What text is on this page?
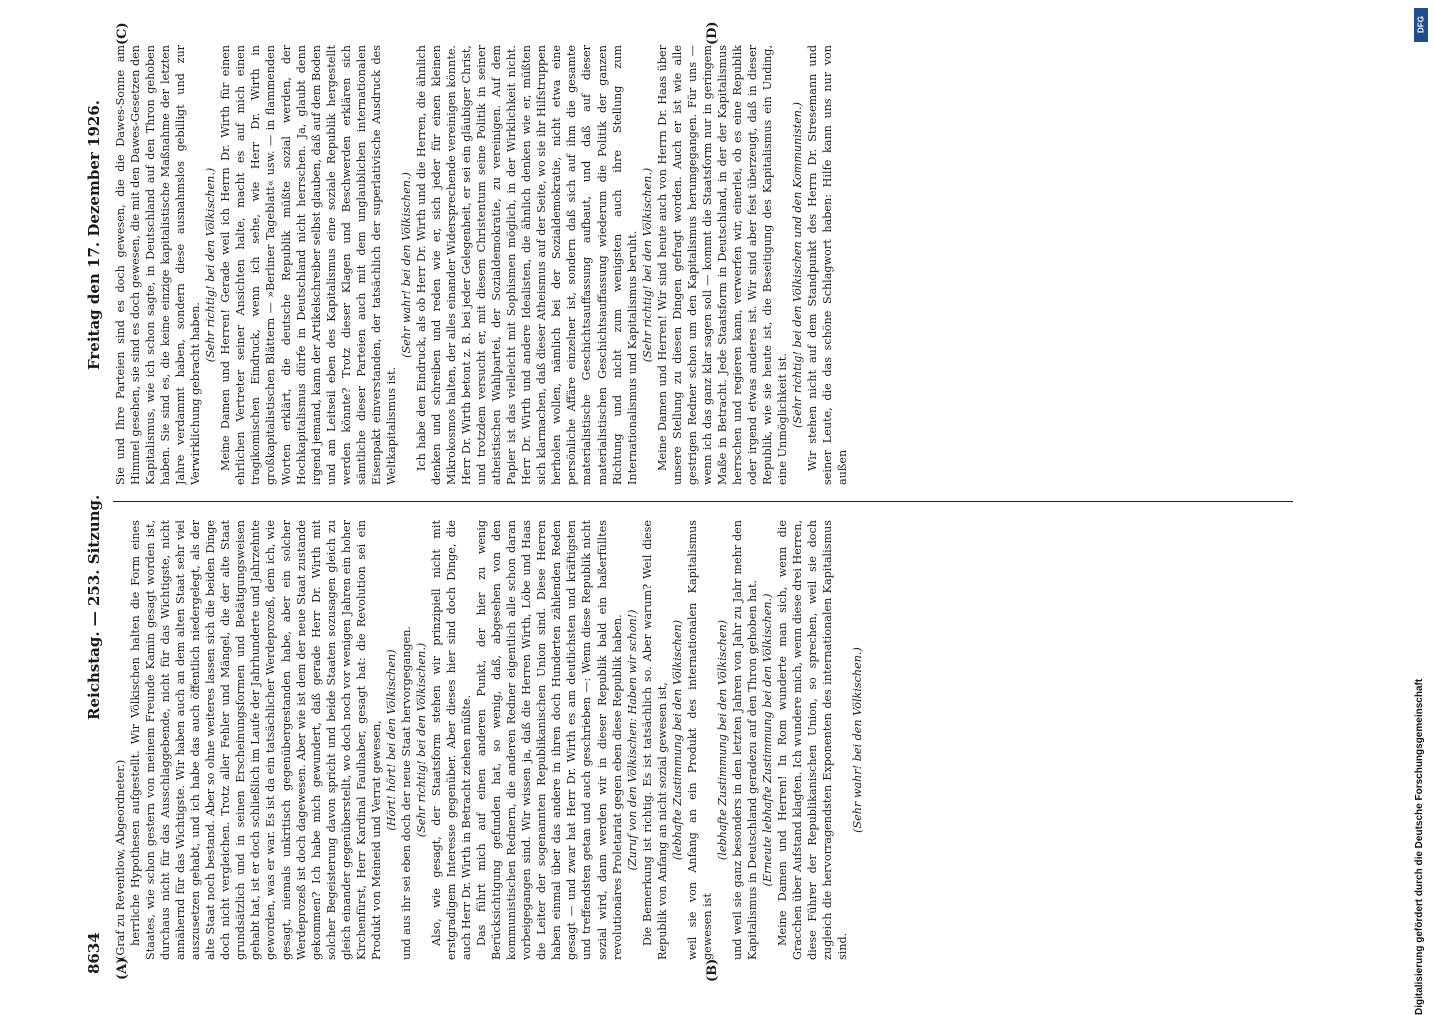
8634
Reichstag. — 253. Sitzung.
Freitag den 17. Dezember 1926.
(A)	(B)
(C)	(D)

(Graf zu Reventlow, Abgeordneter.) herrliche Hypothesen aufgestellt. Wir Völkischen halten die Form eines Staates, wie schon gestern von meinem Freunde Kamin gesagt worden ist, durchaus nicht für das Ausschlaggebende, nicht für das Wichtigste, nicht annähernd für das Wichtigste. Wir haben auch an dem alten Staat sehr viel auszusetzen gehabt, und ich habe das auch öffentlich niedergelegt, als der alte Staat noch bestand. Aber so ohne weiteres lassen sich die beiden Dinge doch nicht vergleichen. Trotz aller Fehler und Mängel, die der alte Staat grundsätzlich und in seinen Erscheinungsformen und Betätigungsweisen gehabt hat, ist er doch schließlich im Laufe der Jahrhunderte und Jahrzehnte geworden, was er war. Es ist da ein tatsächlicher Werdeprozeß, dem ich, wie gesagt, niemals unkritisch gegenübergestanden habe, aber ein solcher Werdeprozeß ist doch dagewesen. Aber wie ist dem der neue Staat zustande gekommen? Ich habe mich gewundert, daß gerade Herr Dr. Wirth mit solcher Begeisterung davon spricht und beide Staaten sozusagen gleich zu gleich einander gegenüberstellt, wo doch noch vor wenigen Jahren ein hoher Kirchenfürst, Herr Kardinal Faulhaber, gesagt hat: die Revolution sei ein Produkt von Meineid und Verrat gewesen, (Hört! hört! bei den Völkischen) und aus ihr sei eben doch der neue Staat hervorgegangen. (Sehr richtig! bei den Völkischen.) Also, wie gesagt, der Staatsform stehen wir prinzipiell nicht mit erstgradigem Interesse gegenüber. Aber dieses hier sind doch Dinge, die auch Herr Dr. Wirth in Betracht ziehen müßte. Das führt mich auf einen anderen Punkt, der hier zu wenig Berücksichtigung gefunden hat, so wenig, daß, abgesehen von den kommunistischen Rednern, die anderen Redner eigentlich alle schon daran vorbeigegangen sind. Wir wissen ja, daß die Herren Wirth, Löbe und Haas die Leiter der sogenannten Republikanischen Union sind. Diese Herren haben einmal über das andere in ihren doch Hunderten zählenden Reden gesagt — und zwar hat Herr Dr. Wirth es am deutlichsten und kräftigsten und treffendsten getan und auch geschrieben —: Wenn diese Republik nicht sozial wird, dann werden wir in dieser Republik bald ein haßerfülltes revolutionäres Proletariat gegen eben diese Republik haben. (Zuruf von den Völkischen: Haben wir schon!) Die Bemerkung ist richtig. Es ist tatsächlich so. Aber warum? Weil diese Republik von Anfang an nicht sozial gewesen ist, (lebhafte Zustimmung bei den Völkischen) weil sie von Anfang an ein Produkt des internationalen Kapitalismus gewesen ist

(lebhafte Zustimmung bei den Völkischen) und weil sie ganz besonders in den letzten Jahren von Jahr zu Jahr mehr den Kapitalismus in Deutschland geradezu auf den Thron gehoben hat. (Erneute lebhafte Zustimmung bei den Völkischen.) Meine Damen und Herren! In Rom wunderte man sich, wenn die Gracchen über Aufstand klagten. Ich wundere mich, wenn diese drei Herren, diese Führer der Republikanischen Union, so sprechen, weil sie doch zugleich die hervorragendsten Exponenten des internationalen Kapitalismus sind.

(Sehr wahr! bei den Völkischen.)

Sie und Ihre Parteien sind es doch gewesen, die die Dawes-Sonne am Himmel gesehen, sie sind es doch gewesen, die mit den Dawes-Gesetzen den Kapitalismus, wie ich schon sagte, in Deutschland auf den Thron gehoben haben. Sie sind es, die keine einzige kapitalistische Maßnahme der letzten Jahre verdammt haben, sondern diese ausnahmslos gebilligt und zur Verwirklichung gebracht haben.

(Sehr richtig! bei den Völkischen.) Meine Damen und Herren! Gerade weil ich Herrn Dr. Wirth für einen ehrlichen Vertreter seiner Ansichten halte, macht es auf mich einen tragikomischen Eindruck, wenn ich sehe, wie Herr Dr. Wirth in großkapitalistischen Blättern — »Berliner Tageblatt« usw. — in flammenden Worten erklärt, die deutsche Republik müßte sozial werden, der Hochkapitalismus dürfe in Deutschland nicht herrschen. Ja, glaubt denn irgend jemand, kann der Artikelschreiber selbst glauben, daß auf dem Boden und am Leitseil eben des Kapitalismus eine soziale Republik hergestellt werden könnte? Trotz dieser Klagen und Beschwerden erklären sich sämtliche dieser Parteien auch mit dem unglaublichen internationalen Eisenpakt einverstanden, der tatsächlich der superlativische Ausdruck des Weltkapitalismus ist.

(Sehr wahr! bei den Völkischen.) Ich habe den Eindruck, als ob Herr Dr. Wirth und die Herren, die ähnlich denken und schreiben und reden wie er, sich jeder für einen kleinen Mikrokosmos halten, der alles einander Widersprechende vereinigen könnte. Herr Dr. Wirth betont z. B. bei jeder Gelegenheit, er sei ein gläubiger Christ, und trotzdem versucht er, mit diesem Christentum seine Politik in seiner atheistischen Wahlpartei, der Sozialdemokratie, zu vereinigen. Auf dem Papier ist das vielleicht mit Sophismen möglich, in der Wirklichkeit nicht. Herr Dr. Wirth und andere Idealisten, die ähnlich denken wie er, müßten sich klarmachen, daß dieser Atheismus auf der Seite, wo sie ihr Hilfstruppen herholen wollen, nämlich bei der Sozialdemokratie, nicht etwa eine persönliche Affäre einzelner ist, sondern daß sich auf ihm die gesamte materialistische Geschichtsauffassung aufbaut, und daß auf dieser materialistischen Geschichtsauffassung wiederum die Politik der ganzen Richtung und nicht zum wenigsten auch ihre Stellung zum Internationalismus und Kapitalismus beruht. (Sehr richtig! bei den Völkischen.) Meine Damen und Herren! Wir sind heute auch von Herrn Dr. Haas über unsere Stellung zu diesen Dingen gefragt worden. Auch er ist wie alle gestrigen Redner schon um den Kapitalismus herumgegangen. Für uns — wenn ich das ganz klar sagen soll — kommt die Staatsform nur in geringem Maße in Betracht. Jede Staatsform in Deutschland, in der der Kapitalismus herrschen und regieren kann, verwerfen wir, einerlei, ob es eine Republik oder irgend etwas anderes ist. Wir sind aber fest überzeugt, daß in dieser Republik, wie sie heute ist, die Beseitigung des Kapitalismus ein Unding, eine Unmöglichkeit ist. (Sehr richtig! bei den Völkischen und den Kommunisten.) Wir stehen nicht auf dem Standpunkt des Herrn Dr. Stresemann und seiner Leute, die das schöne Schlagwort haben: Hilfe kann uns nur von außen

Digitalisierung gefördert durch die Deutsche Forschungsgemeinschaft
DFG
